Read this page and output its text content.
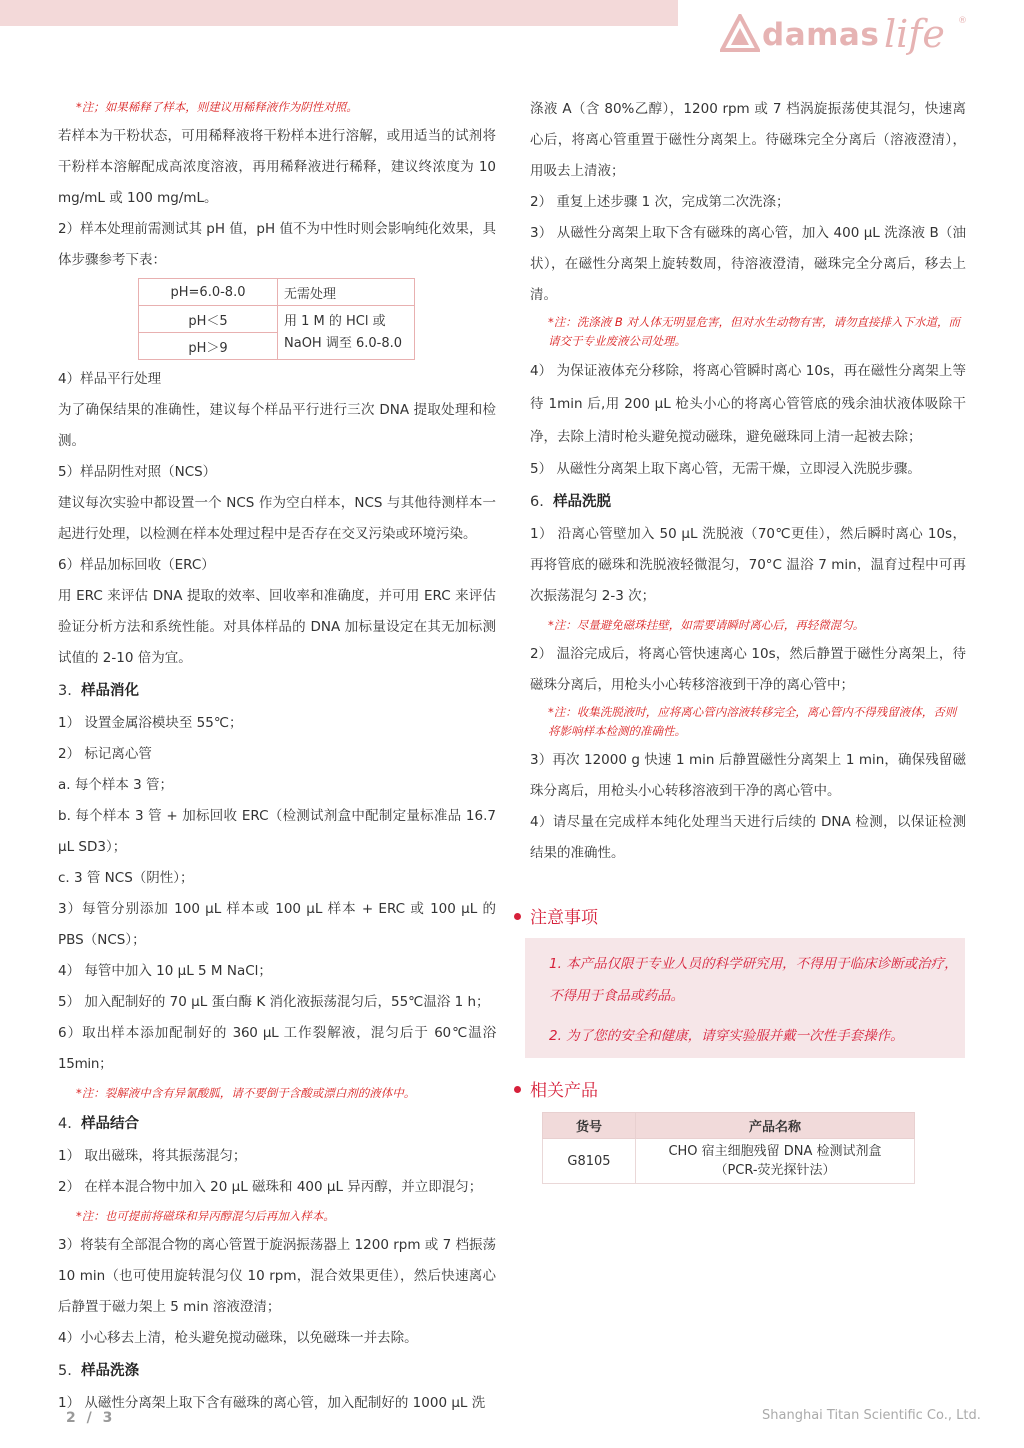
damas life ®

*注；如果稀释了样本，则建议用稀释液作为阴性对照。

若样本为干粉状态，可用稀释液将干粉样本进行溶解，或用适当的试剂将干粉样本溶解配成高浓度溶液，再用稀释液进行稀释，建议终浓度为 10 mg/mL 或 100 mg/mL。

2）样本处理前需测试其 pH 值，pH 值不为中性时则会影响纯化效果，具体步骤参考下表：

pH=6.0-8.0	无需处理
pH＜5	用 1 M 的 HCl 或 NaOH 调至 6.0-8.0
pH＞9	

4）样品平行处理

为了确保结果的准确性，建议每个样品平行进行三次 DNA 提取处理和检测。

5）样品阴性对照（NCS）

建议每次实验中都设置一个 NCS 作为空白样本，NCS 与其他待测样本一起进行处理，以检测在样本处理过程中是否存在交叉污染或环境污染。

6）样品加标回收（ERC）

用 ERC 来评估 DNA 提取的效率、回收率和准确度，并可用 ERC 来评估验证分析方法和系统性能。对具体样品的 DNA 加标量设定在其无加标测试值的 2-10 倍为宜。

3. 样品消化

1） 设置金属浴模块至 55℃；

2） 标记离心管

a. 每个样本 3 管；

b. 每个样本 3 管 + 加标回收 ERC（检测试剂盒中配制定量标准品 16.7 μL SD3）；

c. 3 管 NCS（阴性）；

3）每管分别添加 100 μL 样本或 100 μL 样本 + ERC 或 100 μL 的 PBS（NCS）；

4） 每管中加入 10 μL 5 M NaCl；

5） 加入配制好的 70 μL 蛋白酶 K 消化液振荡混匀后，55℃温浴 1 h；

6）取出样本添加配制好的 360 μL 工作裂解液，混匀后于 60℃温浴 15min；

*注：裂解液中含有异氰酸胍，请不要倒于含酸或漂白剂的液体中。

4. 样品结合

1） 取出磁珠，将其振荡混匀；

2） 在样本混合物中加入 20 μL 磁珠和 400 μL 异丙醇，并立即混匀；

*注：也可提前将磁珠和异丙醇混匀后再加入样本。

3）将装有全部混合物的离心管置于旋涡振荡器上 1200 rpm 或 7 档振荡 10 min（也可使用旋转混匀仪 10 rpm，混合效果更佳），然后快速离心后静置于磁力架上 5 min 溶液澄清；

4）小心移去上清，枪头避免搅动磁珠，以免磁珠一并去除。

5. 样品洗涤

1） 从磁性分离架上取下含有磁珠的离心管，加入配制好的 1000 μL 洗

涤液 A（含 80%乙醇），1200 rpm 或 7 档涡旋振荡使其混匀，快速离心后，将离心管重置于磁性分离架上。待磁珠完全分离后（溶液澄清），用吸去上清液；

2） 重复上述步骤 1 次，完成第二次洗涤；

3） 从磁性分离架上取下含有磁珠的离心管，加入 400 μL 洗涤液 B（油状），在磁性分离架上旋转数周，待溶液澄清，磁珠完全分离后，移去上清。

*注：洗涤液 B 对人体无明显危害，但对水生动物有害，请勿直接排入下水道，而请交于专业废液公司处理。

4） 为保证液体充分移除，将离心管瞬时离心 10s，再在磁性分离架上等待 1min 后,用 200 μL 枪头小心的将离心管管底的残余油状液体吸除干净，去除上清时枪头避免搅动磁珠，避免磁珠同上清一起被去除；

5） 从磁性分离架上取下离心管，无需干燥，立即浸入洗脱步骤。

6. 样品洗脱

1） 沿离心管壁加入 50 μL 洗脱液（70℃更佳），然后瞬时离心 10s，再将管底的磁珠和洗脱液轻微混匀，70°C 温浴 7 min，温育过程中可再次振荡混匀 2-3 次；

*注：尽量避免磁珠挂壁，如需要请瞬时离心后，再轻微混匀。

2） 温浴完成后，将离心管快速离心 10s，然后静置于磁性分离架上，待磁珠分离后，用枪头小心转移溶液到干净的离心管中；

*注：收集洗脱液时，应将离心管内溶液转移完全，离心管内不得残留液体，否则将影响样本检测的准确性。

3）再次 12000 g 快速 1 min 后静置磁性分离架上 1 min，确保残留磁珠分离后，用枪头小心转移溶液到干净的离心管中。

4）请尽量在完成样本纯化处理当天进行后续的 DNA 检测，以保证检测结果的准确性。

注意事项
1. 本产品仅限于专业人员的科学研究用，不得用于临床诊断或治疗，
不得用于食品或药品。
2. 为了您的安全和健康，请穿实验服并戴一次性手套操作。
相关产品
货号	产品名称
G8105	CHO 宿主细胞残留 DNA 检测试剂盒
（PCR-荧光探针法）
2 / 3	Shanghai Titan Scientific Co., Ltd.
